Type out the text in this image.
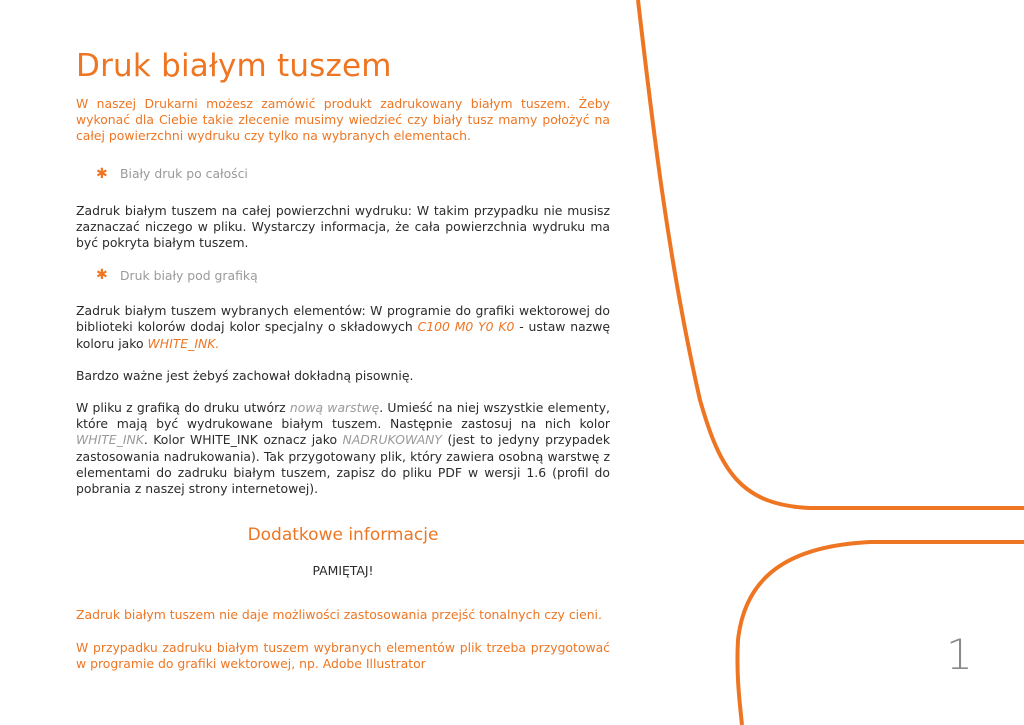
Druk białym tuszem

W naszej Drukarni możesz zamówić produkt zadrukowany białym tuszem. Żeby wykonać dla Ciebie takie zlecenie musimy wiedzieć czy biały tusz mamy położyć na całej powierzchni wydruku czy tylko na wybranych elementach.

✱ Biały druk po całości

Zadruk białym tuszem na całej powierzchni wydruku: W takim przypadku nie musisz zaznaczać niczego w pliku. Wystarczy informacja, że cała powierzchnia wydruku ma być pokryta białym tuszem.

✱ Druk biały pod grafiką

Zadruk białym tuszem wybranych elementów: W programie do grafiki wektorowej do biblioteki kolorów dodaj kolor specjalny o składowych C100 M0 Y0 K0 - ustaw nazwę koloru jako WHITE_INK.

Bardzo ważne jest żebyś zachował dokładną pisownię.

W pliku z grafiką do druku utwórz nową warstwę. Umieść na niej wszystkie elementy, które mają być wydrukowane białym tuszem. Następnie zastosuj na nich kolor WHITE_INK. Kolor WHITE_INK oznacz jako NADRUKOWANY (jest to jedyny przypadek zastosowania nadrukowania). Tak przygotowany plik, który zawiera osobną warstwę z elementami do zadruku białym tuszem, zapisz do pliku PDF w wersji 1.6 (profil do pobrania z naszej strony internetowej).

Dodatkowe informacje

PAMIĘTAJ!

Zadruk białym tuszem nie daje możliwości zastosowania przejść tonalnych czy cieni.

W przypadku zadruku białym tuszem wybranych elementów plik trzeba przygotować w programie do grafiki wektorowej, np. Adobe Illustrator	1
